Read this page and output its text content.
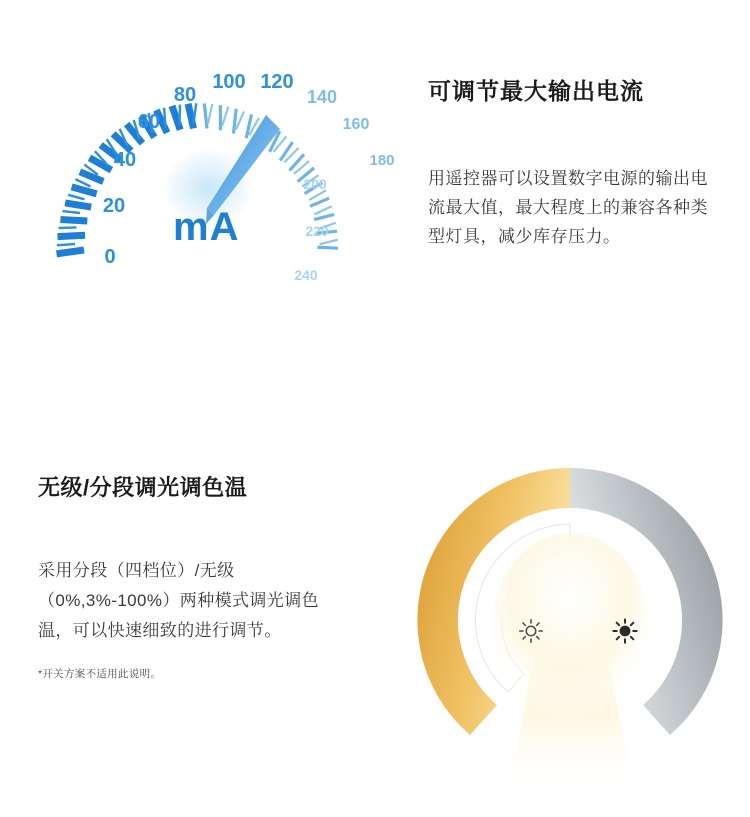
0
20
40
60
80
100 120
140
160
180
200
220
240
mA
可调节最大输出电流

用遥控器可以设置数字电源的输出电流最大值，最大程度上的兼容各种类型灯具，减少库存压力。

无级/分段调光调色温

采用分段（四档位）/无级（0%,3%-100%）两种模式调光调色温，可以快速细致的进行调节。

*开关方案不适用此说明。
